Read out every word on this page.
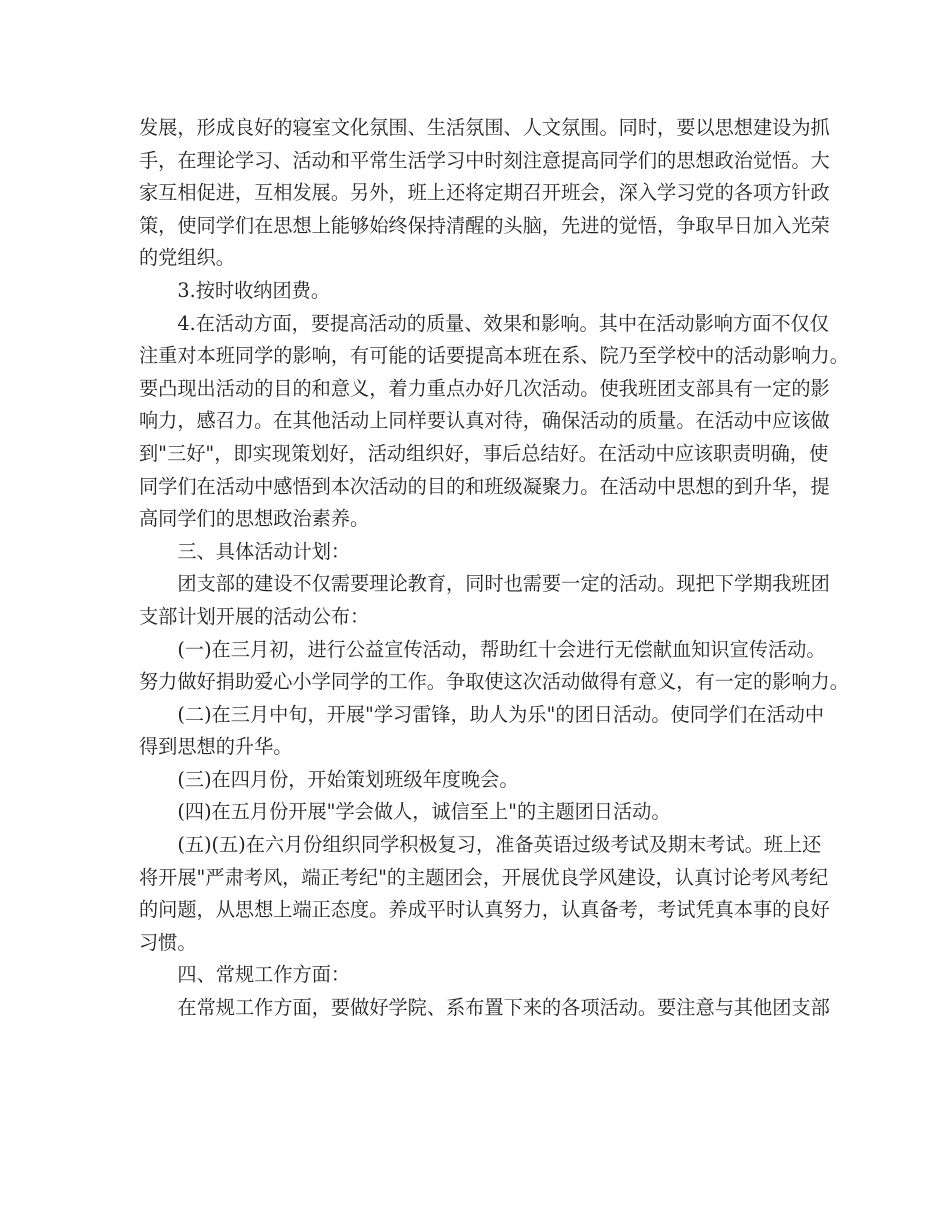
发展，形成良好的寝室文化氛围、生活氛围、人文氛围。同时，要以思想建设为抓
手，在理论学习、活动和平常生活学习中时刻注意提高同学们的思想政治觉悟。大
家互相促进，互相发展。另外，班上还将定期召开班会，深入学习党的各项方针政
策，使同学们在思想上能够始终保持清醒的头脑，先进的觉悟，争取早日加入光荣
的党组织。
3.按时收纳团费。
4.在活动方面，要提高活动的质量、效果和影响。其中在活动影响方面不仅仅
注重对本班同学的影响，有可能的话要提高本班在系、院乃至学校中的活动影响力。
要凸现出活动的目的和意义，着力重点办好几次活动。使我班团支部具有一定的影
响力，感召力。在其他活动上同样要认真对待，确保活动的质量。在活动中应该做
到"三好"，即实现策划好，活动组织好，事后总结好。在活动中应该职责明确，使
同学们在活动中感悟到本次活动的目的和班级凝聚力。在活动中思想的到升华，提
高同学们的思想政治素养。
三、具体活动计划：
团支部的建设不仅需要理论教育，同时也需要一定的活动。现把下学期我班团
支部计划开展的活动公布：
(一)在三月初，进行公益宣传活动，帮助红十会进行无偿献血知识宣传活动。
努力做好捐助爱心小学同学的工作。争取使这次活动做得有意义，有一定的影响力。
(二)在三月中旬，开展"学习雷锋，助人为乐"的团日活动。使同学们在活动中
得到思想的升华。
(三)在四月份，开始策划班级年度晚会。
(四)在五月份开展"学会做人，诚信至上"的主题团日活动。
(五)(五)在六月份组织同学积极复习，准备英语过级考试及期末考试。班上还
将开展"严肃考风，端正考纪"的主题团会，开展优良学风建设，认真讨论考风考纪
的问题，从思想上端正态度。养成平时认真努力，认真备考，考试凭真本事的良好
习惯。
四、常规工作方面：
在常规工作方面，要做好学院、系布置下来的各项活动。要注意与其他团支部
